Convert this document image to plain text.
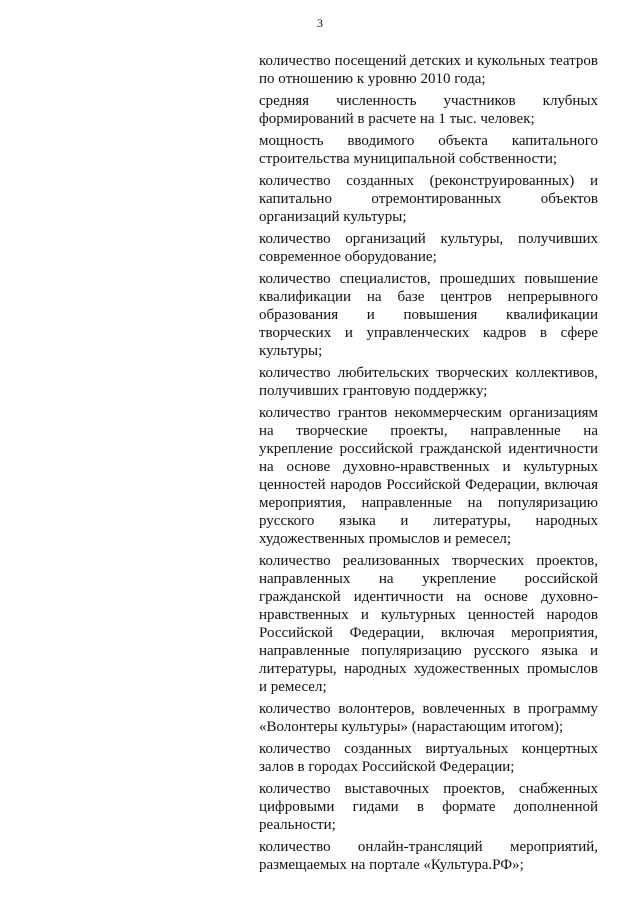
3

количество посещений детских и кукольных театров по отношению к уровню 2010 года;

средняя численность участников клубных формирований в расчете на 1 тыс. человек;

мощность вводимого объекта капитального строительства муниципальной собственности;

количество созданных (реконструированных) и капитально отремонтированных объектов организаций культуры;

количество организаций культуры, получивших современное оборудование;

количество специалистов, прошедших повышение квалификации на базе центров непрерывного образования и повышения квалификации творческих и управленческих кадров в сфере культуры;

количество любительских творческих коллективов, получивших грантовую поддержку;

количество грантов некоммерческим организациям на творческие проекты, направленные на укрепление российской гражданской идентичности на основе духовно-нравственных и культурных ценностей народов Российской Федерации, включая мероприятия, направленные на популяризацию русского языка и литературы, народных художественных промыслов и ремесел;

количество реализованных творческих проектов, направленных на укрепление российской гражданской идентичности на основе духовно-нравственных и культурных ценностей народов Российской Федерации, включая мероприятия, направленные популяризацию русского языка и литературы, народных художественных промыслов и ремесел;

количество волонтеров, вовлеченных в программу «Волонтеры культуры» (нарастающим итогом);

количество созданных виртуальных концертных залов в городах Российской Федерации;

количество выставочных проектов, снабженных цифровыми гидами в формате дополненной реальности;

количество онлайн-трансляций мероприятий, размещаемых на портале «Культура.РФ»;
